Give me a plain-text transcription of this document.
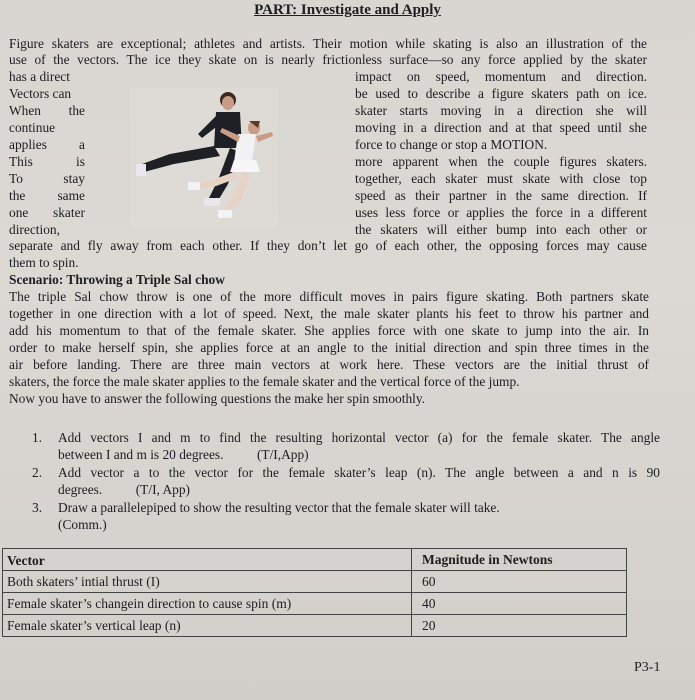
PART: Investigate and Apply
Figure skaters are exceptional; athletes and artists. Their motion while skating is also an illustration of the
use of the vectors. The ice they skate on is nearly frictionless surface—so any force applied by the skater
has a direct
Vectors can
When the
continue
applies a
This is
To stay
the same
one skater
direction,
impact on speed, momentum and direction.
be used to describe a figure skaters path on ice.
skater starts moving in a direction she will
moving in a direction and at that speed until she
force to change or stop a MOTION.
more apparent when the couple figures skaters.
together, each skater must skate with close top
speed as their partner in the same direction. If
uses less force or applies the force in a different
the skaters will either bump into each other or
separate and fly away from each other. If they don’t let go of each other, the opposing forces may cause
them to spin.
Scenario: Throwing a Triple Sal chow
The triple Sal chow throw is one of the more difficult moves in pairs figure skating. Both partners skate
together in one direction with a lot of speed. Next, the male skater plants his feet to throw his partner and
add his momentum to that of the female skater. She applies force with one skate to jump into the air. In
order to make herself spin, she applies force at an angle to the initial direction and spin three times in the
air before landing. There are three main vectors at work here. These vectors are the initial thrust of
skaters, the force the male skater applies to the female skater and the vertical force of the jump.
Now you have to answer the following questions the make her spin smoothly.
1. Add vectors I and m to find the resulting horizontal vector (a) for the female skater. The angle
between I and m is 20 degrees.          (T/I,App)
2. Add vector a to the vector for the female skater’s leap (n). The angle between a and n is 90
degrees.          (T/I, App)
3. Draw a parallelepiped to show the resulting vector that the female skater will take.
(Comm.)
Vector	Magnitude in Newtons
Both skaters’ intial thrust (I)	60
Female skater’s changein direction to cause spin (m)	40
Female skater’s vertical leap (n)	20
P3-1
